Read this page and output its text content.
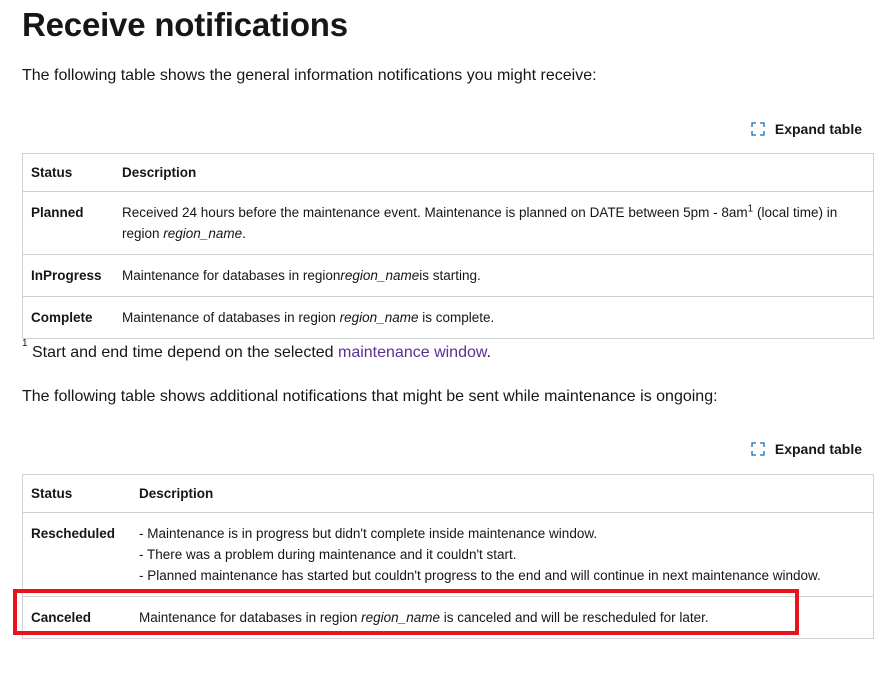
Receive notifications
The following table shows the general information notifications you might receive:
Expand table
Status	Description
Planned	Received 24 hours before the maintenance event. Maintenance is planned on DATE between $5pm - 8am^1$ (local time) in
region region_name.
InProgress	Maintenance for databases in regionregion_nameis starting.
Complete	Maintenance of databases in region region_name is complete.
$^1$ Start and end time depend on the selected maintenance window.
The following table shows additional notifications that might be sent while maintenance is ongoing:
Expand table
Status	Description
Rescheduled	- Maintenance is in progress but didn't complete inside maintenance window.
- There was a problem during maintenance and it couldn't start.
- Planned maintenance has started but couldn't progress to the end and will continue in next maintenance window.

Canceled	Maintenance for databases in region region_name is canceled and will be rescheduled for later.
